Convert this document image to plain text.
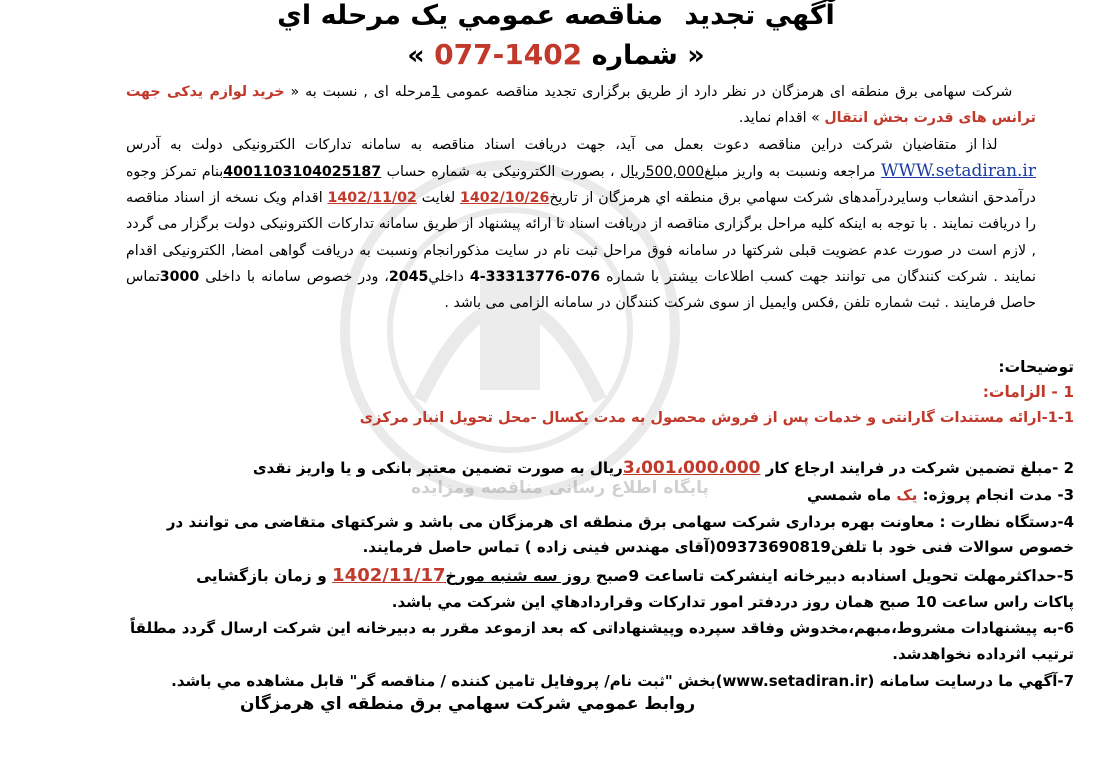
پایگاه اطلاع رسانی مناقصه ومزایده
آگهي تجديد مناقصه عمومي يک مرحله اي
« شماره 1402-077 »

شرکت سهامی برق منطقه ای هرمزگان در نظر دارد از طریق برگزاری تجدید مناقصه عمومی 1مرحله ای , نسبت به « خرید لوازم یدکی جهت ترانس های قدرت بخش انتقال » اقدام نماید.

لذا از متقاضیان شرکت دراین مناقصه دعوت بعمل می آید، جهت دریافت اسناد مناقصه به سامانه تدارکات الکترونیکی دولت به آدرس WWW.setadiran.ir مراجعه ونسبت به واریز مبلغ500,000ریال ، بصورت الکترونیکی به شماره حساب 4001103104025187بنام تمرکز وجوه درآمدحق انشعاب وسایردرآمدهای شرکت سهامي برق منطقه اي هرمزگان از تاریخ1402/10/26 لغایت 1402/11/02 اقدام ویک نسخه از اسناد مناقصه را دریافت نمایند . با توجه به اینکه کلیه مراحل برگزاری مناقصه از دریافت اسناد تا ارائه پیشنهاد از طریق سامانه تدارکات الکترونیکی دولت برگزار می گردد , لازم است در صورت عدم عضویت قبلی شرکتها در سامانه فوق مراحل ثبت نام در سایت مذکورانجام ونسبت به دریافت گواهی امضا, الکترونیکی اقدام نمایند . شرکت کنندگان می توانند جهت کسب اطلاعات بیشتر با شماره 076-33313776-4 داخلي2045، ودر خصوص سامانه با داخلی 3000تماس حاصل فرمایند . ثبت شماره تلفن ,فکس وایمیل از سوی شرکت کنندگان در سامانه الزامی می باشد .

توضیحات:
1 - الزامات:
1-1-ارائه مستندات گارانتی و خدمات پس از فروش محصول به مدت یکسال -محل تحویل انبار مرکزی
2 -مبلغ تضمین شرکت در فرایند ارجاع کار 3،001،000،000ریال به صورت تضمین معتبر بانکی و یا واریز نقدی
3- مدت انجام پروژه: یک ماه شمسي
4-دستگاه نظارت : معاونت بهره برداری شرکت سهامی برق منطقه ای هرمزگان می باشد و شرکتهای متقاضی می توانند در
خصوص سوالات فنی خود با تلفن09373690819(آقای مهندس فینی زاده ) تماس حاصل فرمایند.
5-حداکثرمهلت تحویل اسنادبه دبیرخانه اینشرکت تاساعت 9صبح روز سه شنبه مورخ1402/11/17 و زمان بازگشایی
پاکات راس ساعت 10 صبح همان روز دردفتر امور تدارکات وقراردادهاي اين شرکت مي باشد.
6-به پیشنهادات مشروط،مبهم،مخدوش وفاقد سپرده وپیشنهاداتی که بعد ازموعد مقرر به دبیرخانه این شرکت ارسال گردد مطلقاً
ترتیب اثرداده نخواهدشد.
7-آگهي ما درسايت سامانه (www.setadiran.ir)بخش "ثبت نام/ پروفايل تامين کننده / مناقصه گر" قابل مشاهده مي باشد.
روابط عمومي شرکت سهامي برق منطقه اي هرمزگان
